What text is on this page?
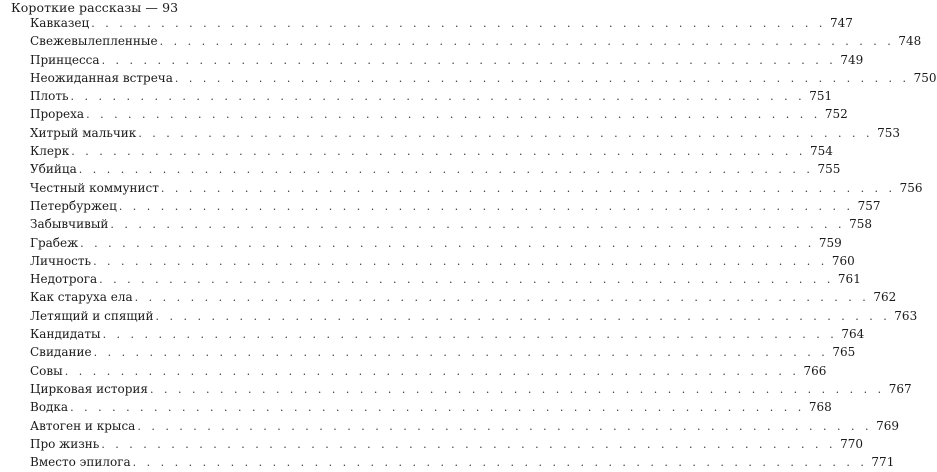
Короткие рассказы — 93
Кавказец . . . . . . . . . . . . . . . . . . . . . . . . . . . . . . . . . . . . . . . . . . . . . . . . . . . . . 747
Свежевылепленные . . . . . . . . . . . . . . . . . . . . . . . . . . . . . . . . . . . . . . . . . . . . . . . . . . . . . 748
Принцесса . . . . . . . . . . . . . . . . . . . . . . . . . . . . . . . . . . . . . . . . . . . . . . . . . . . . . 749
Неожиданная встреча . . . . . . . . . . . . . . . . . . . . . . . . . . . . . . . . . . . . . . . . . . . . . . . . . . . . . 750
Плоть . . . . . . . . . . . . . . . . . . . . . . . . . . . . . . . . . . . . . . . . . . . . . . . . . . . . . 751
Прореха . . . . . . . . . . . . . . . . . . . . . . . . . . . . . . . . . . . . . . . . . . . . . . . . . . . . . 752
Хитрый мальчик . . . . . . . . . . . . . . . . . . . . . . . . . . . . . . . . . . . . . . . . . . . . . . . . . . . . . 753
Клерк . . . . . . . . . . . . . . . . . . . . . . . . . . . . . . . . . . . . . . . . . . . . . . . . . . . . . 754
Убийца . . . . . . . . . . . . . . . . . . . . . . . . . . . . . . . . . . . . . . . . . . . . . . . . . . . . . 755
Честный коммунист . . . . . . . . . . . . . . . . . . . . . . . . . . . . . . . . . . . . . . . . . . . . . . . . . . . . . 756
Петербуржец . . . . . . . . . . . . . . . . . . . . . . . . . . . . . . . . . . . . . . . . . . . . . . . . . . . . . 757
Забывчивый . . . . . . . . . . . . . . . . . . . . . . . . . . . . . . . . . . . . . . . . . . . . . . . . . . . . . 758
Грабеж . . . . . . . . . . . . . . . . . . . . . . . . . . . . . . . . . . . . . . . . . . . . . . . . . . . . . 759
Личность . . . . . . . . . . . . . . . . . . . . . . . . . . . . . . . . . . . . . . . . . . . . . . . . . . . . . 760
Недотрога . . . . . . . . . . . . . . . . . . . . . . . . . . . . . . . . . . . . . . . . . . . . . . . . . . . . . 761
Как старуха ела . . . . . . . . . . . . . . . . . . . . . . . . . . . . . . . . . . . . . . . . . . . . . . . . . . . . . 762
Летящий и спящий . . . . . . . . . . . . . . . . . . . . . . . . . . . . . . . . . . . . . . . . . . . . . . . . . . . . . 763
Кандидаты . . . . . . . . . . . . . . . . . . . . . . . . . . . . . . . . . . . . . . . . . . . . . . . . . . . . . 764
Свидание . . . . . . . . . . . . . . . . . . . . . . . . . . . . . . . . . . . . . . . . . . . . . . . . . . . . . 765
Совы . . . . . . . . . . . . . . . . . . . . . . . . . . . . . . . . . . . . . . . . . . . . . . . . . . . . . 766
Цирковая история . . . . . . . . . . . . . . . . . . . . . . . . . . . . . . . . . . . . . . . . . . . . . . . . . . . . . 767
Водка . . . . . . . . . . . . . . . . . . . . . . . . . . . . . . . . . . . . . . . . . . . . . . . . . . . . . 768
Автоген и крыса . . . . . . . . . . . . . . . . . . . . . . . . . . . . . . . . . . . . . . . . . . . . . . . . . . . . . 769
Про жизнь . . . . . . . . . . . . . . . . . . . . . . . . . . . . . . . . . . . . . . . . . . . . . . . . . . . . . 770
Вместо эпилога . . . . . . . . . . . . . . . . . . . . . . . . . . . . . . . . . . . . . . . . . . . . . . . . . . . . . 771
